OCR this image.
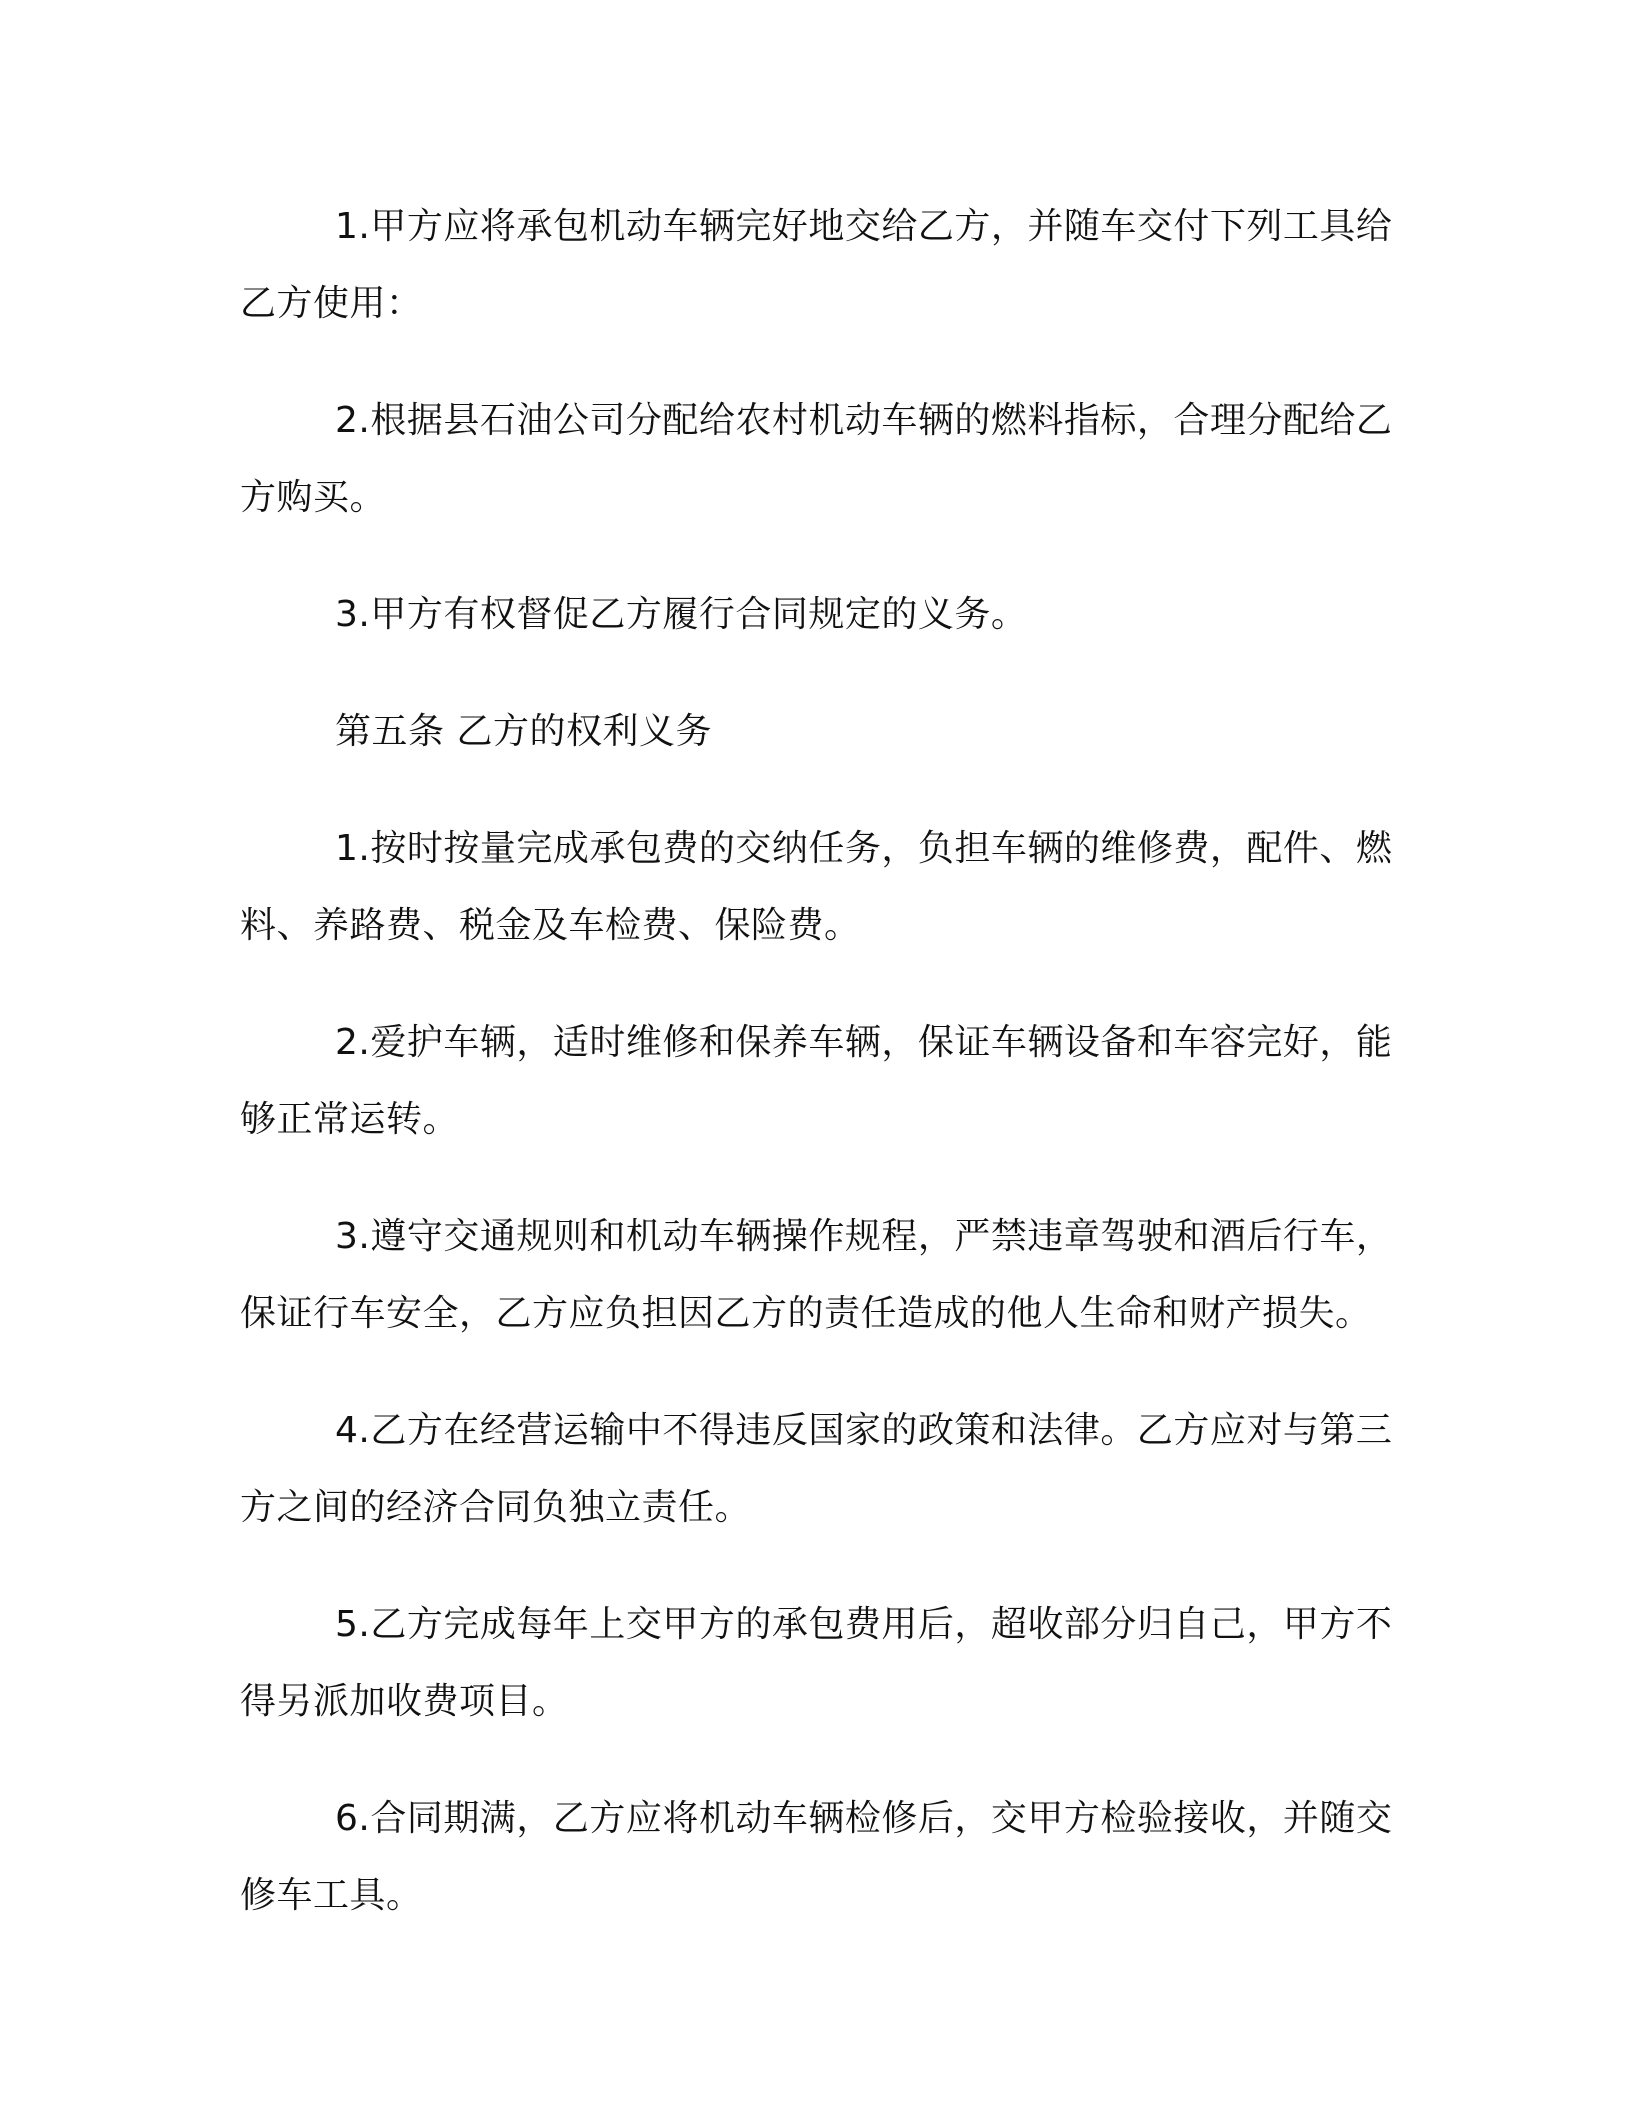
1.甲方应将承包机动车辆完好地交给乙方，并随车交付下列工具给乙方使用：

2.根据县石油公司分配给农村机动车辆的燃料指标，合理分配给乙方购买。

3.甲方有权督促乙方履行合同规定的义务。

第五条 乙方的权利义务

1.按时按量完成承包费的交纳任务，负担车辆的维修费，配件、燃料、养路费、税金及车检费、保险费。

2.爱护车辆，适时维修和保养车辆，保证车辆设备和车容完好，能够正常运转。

3.遵守交通规则和机动车辆操作规程，严禁违章驾驶和酒后行车，保证行车安全，乙方应负担因乙方的责任造成的他人生命和财产损失。

4.乙方在经营运输中不得违反国家的政策和法律。乙方应对与第三方之间的经济合同负独立责任。

5.乙方完成每年上交甲方的承包费用后，超收部分归自己，甲方不得另派加收费项目。

6.合同期满，乙方应将机动车辆检修后，交甲方检验接收，并随交修车工具。
